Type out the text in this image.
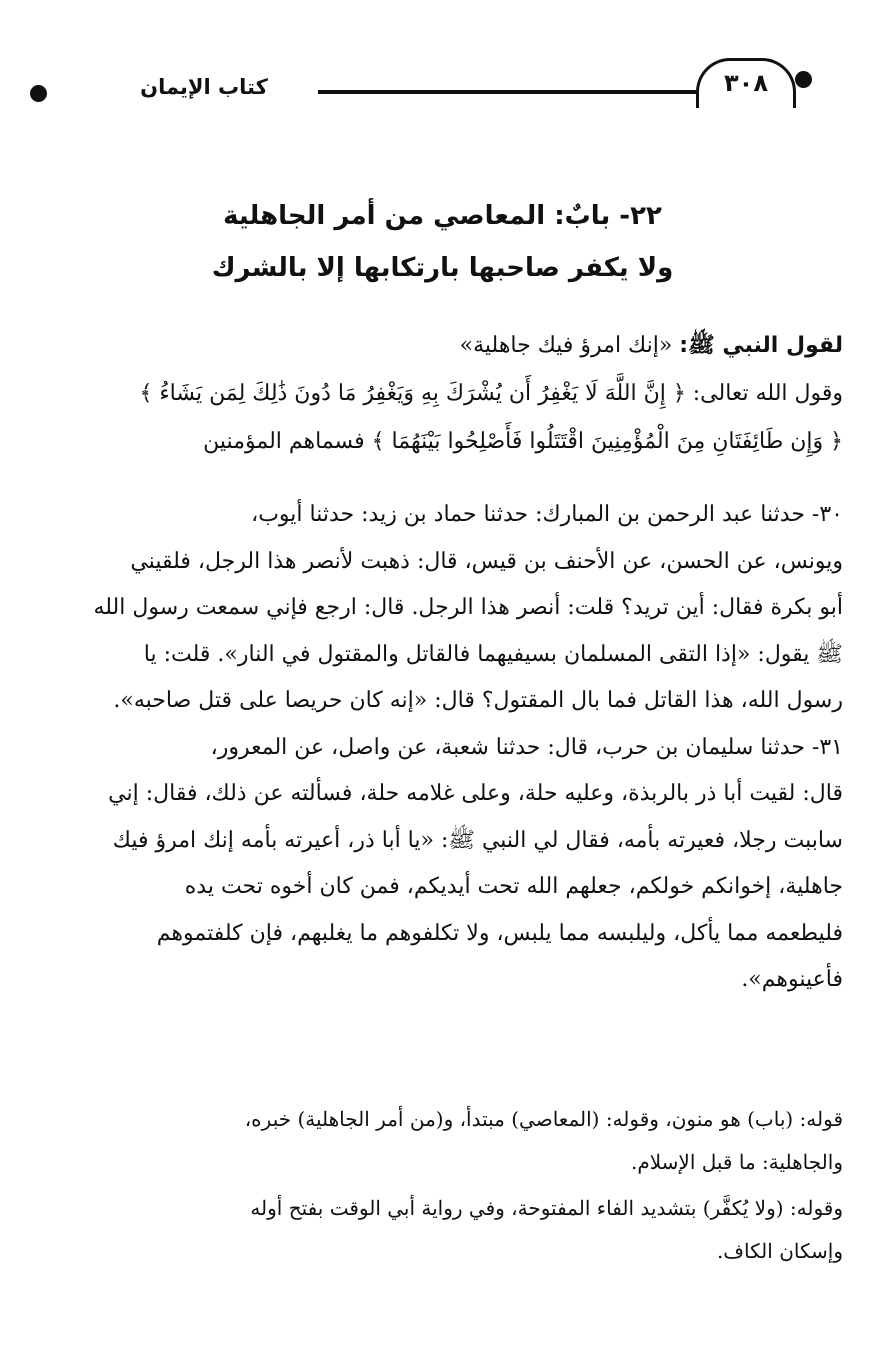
٣٠٨
كتاب الإيمان
٢٢- بابٌ: المعاصي من أمر الجاهلية
ولا يكفر صاحبها بارتكابها إلا بالشرك
لقول النبي ﷺ: «إنك امرؤ فيك جاهلية»
وقول الله تعالى: ﴿ إِنَّ اللَّهَ لَا يَغْفِرُ أَن يُشْرَكَ بِهِ وَيَغْفِرُ مَا دُونَ ذَٰلِكَ لِمَن يَشَاءُ ﴾
﴿ وَإِن طَائِفَتَانِ مِنَ الْمُؤْمِنِينَ اقْتَتَلُوا فَأَصْلِحُوا بَيْنَهُمَا ﴾ فسماهم المؤمنين
٣٠- حدثنا عبد الرحمن بن المبارك: حدثنا حماد بن زيد: حدثنا أيوب،
ويونس، عن الحسن، عن الأحنف بن قيس، قال: ذهبت لأنصر هذا الرجل، فلقيني
أبو بكرة فقال: أين تريد؟ قلت: أنصر هذا الرجل. قال: ارجع فإني سمعت رسول الله
ﷺ يقول: «إذا التقى المسلمان بسيفيهما فالقاتل والمقتول في النار». قلت: يا
رسول الله، هذا القاتل فما بال المقتول؟ قال: «إنه كان حريصا على قتل صاحبه».
٣١- حدثنا سليمان بن حرب، قال: حدثنا شعبة، عن واصل، عن المعرور،
قال: لقيت أبا ذر بالربذة، وعليه حلة، وعلى غلامه حلة، فسألته عن ذلك، فقال: إني
ساببت رجلا، فعيرته بأمه، فقال لي النبي ﷺ: «يا أبا ذر، أعيرته بأمه إنك امرؤ فيك
جاهلية، إخوانكم خولكم، جعلهم الله تحت أيديكم، فمن كان أخوه تحت يده
فليطعمه مما يأكل، وليلبسه مما يلبس، ولا تكلفوهم ما يغلبهم، فإن كلفتموهم
فأعينوهم».
قوله: (باب) هو منون، وقوله: (المعاصي) مبتدأ، و(من أمر الجاهلية) خبره،
والجاهلية: ما قبل الإسلام.
وقوله: (ولا يُكفَّر) بتشديد الفاء المفتوحة، وفي رواية أبي الوقت بفتح أوله
وإسكان الكاف.
